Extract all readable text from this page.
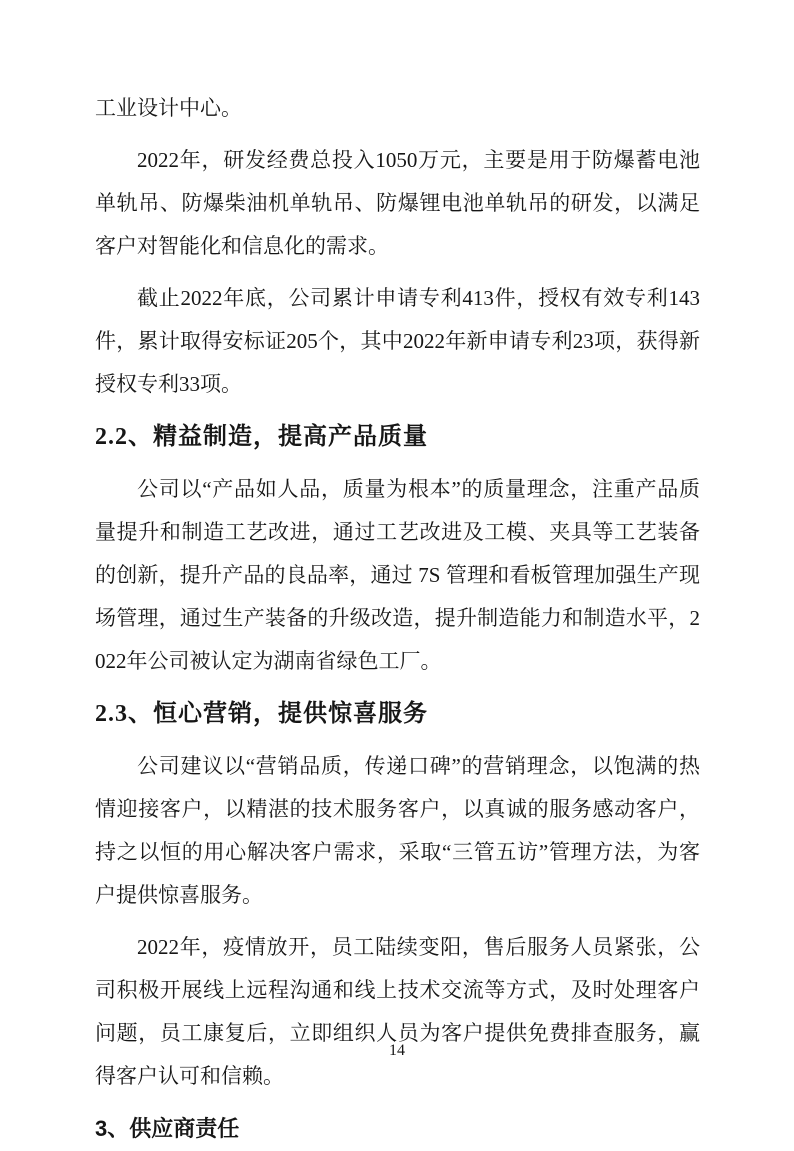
工业设计中心。

2022年，研发经费总投入1050万元，主要是用于防爆蓄电池单轨吊、防爆柴油机单轨吊、防爆锂电池单轨吊的研发，以满足客户对智能化和信息化的需求。

截止2022年底，公司累计申请专利413件，授权有效专利143件，累计取得安标证205个，其中2022年新申请专利23项，获得新授权专利33项。

2.2、精益制造，提高产品质量

公司以“产品如人品，质量为根本”的质量理念，注重产品质量提升和制造工艺改进，通过工艺改进及工模、夹具等工艺装备的创新，提升产品的良品率，通过 7S 管理和看板管理加强生产现场管理，通过生产装备的升级改造，提升制造能力和制造水平，2022年公司被认定为湖南省绿色工厂。

2.3、恒心营销，提供惊喜服务

公司建议以“营销品质，传递口碑”的营销理念，以饱满的热情迎接客户，以精湛的技术服务客户，以真诚的服务感动客户，持之以恒的用心解决客户需求，采取“三管五访”管理方法，为客户提供惊喜服务。

2022年，疫情放开，员工陆续变阳，售后服务人员紧张，公司积极开展线上远程沟通和线上技术交流等方式，及时处理客户问题，员工康复后，立即组织人员为客户提供免费排查服务，赢得客户认可和信赖。

3、供应商责任
14
